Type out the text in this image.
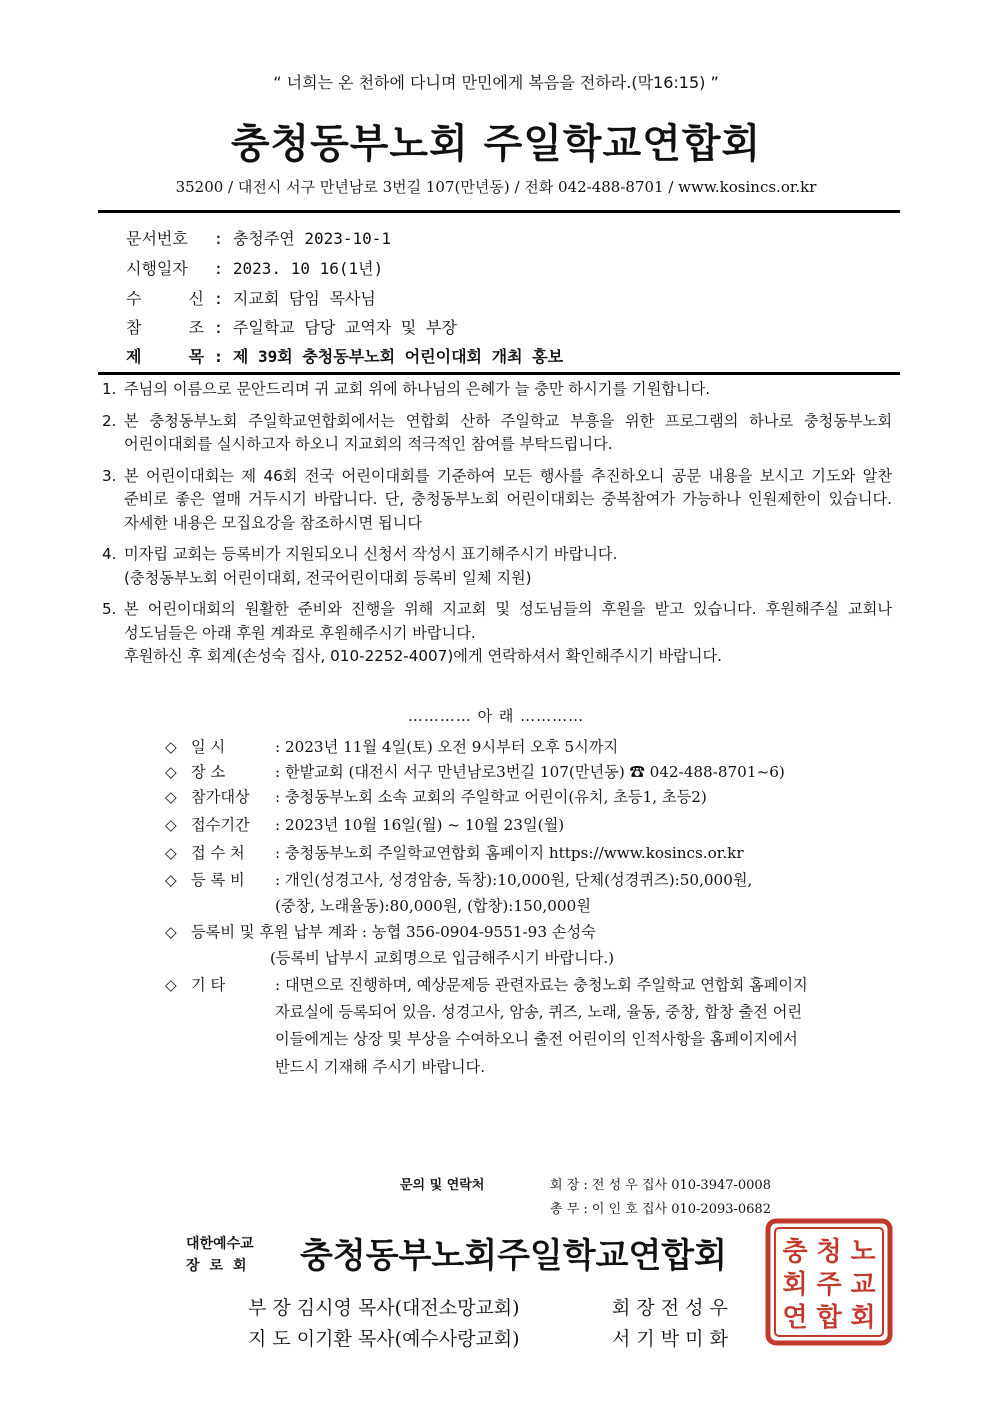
“ 너희는 온 천하에 다니며 만민에게 복음을 전하라.(막16:15) ”
충청동부노회 주일학교연합회
35200 / 대전시 서구 만년남로 3번길 107(만년동) / 전화 042-488-8701 / www.kosincs.or.kr
문서번호 : 충청주연 2023-10-1
시행일자 : 2023. 10 16(1년)
수 신 : 지교회 담임 목사님
참 조 : 주일학교 담당 교역자 및 부장
제 목 : 제 39회 충청동부노회 어린이대회 개최 홍보
1. 주님의 이름으로 문안드리며 귀 교회 위에 하나님의 은혜가 늘 충만 하시기를 기원합니다.
2. 본 충청동부노회 주일학교연합회에서는 연합회 산하 주일학교 부흥을 위한 프로그램의 하나로 충청동부노회 어린이대회를 실시하고자 하오니 지교회의 적극적인 참여를 부탁드립니다.
3. 본 어린이대회는 제 46회 전국 어린이대회를 기준하여 모든 행사를 추진하오니 공문 내용을 보시고 기도와 알찬 준비로 좋은 열매 거두시기 바랍니다. 단, 충청동부노회 어린이대회는 중복참여가 가능하나 인원제한이 있습니다. 자세한 내용은 모집요강을 참조하시면 됩니다
4. 미자립 교회는 등록비가 지원되오니 신청서 작성시 표기해주시기 바랍니다.
(충청동부노회 어린이대회, 전국어린이대회 등록비 일체 지원)
5. 본 어린이대회의 원활한 준비와 진행을 위해 지교회 및 성도님들의 후원을 받고 있습니다. 후원해주실 교회나 성도님들은 아래 후원 계좌로 후원해주시기 바랍니다.
후원하신 후 회계(손성숙 집사, 010-2252-4007)에게 연락하셔서 확인해주시기 바랍니다.
………… 아 래 …………
◇ 일 시	: 2023년 11월 4일(토) 오전 9시부터 오후 5시까지
◇ 장 소	: 한밭교회 (대전시 서구 만년남로3번길 107(만년동) ☎ 042-488-8701~6)
◇ 참가대상 : 충청동부노회 소속 교회의 주일학교 어린이(유치, 초등1, 초등2)
◇ 접수기간 : 2023년 10월 16일(월) ~ 10월 23일(월)
◇ 접 수 처 : 충청동부노회 주일학교연합회 홈페이지 https://www.kosincs.or.kr
◇ 등 록 비 : 개인(성경고사, 성경암송, 독창):10,000원, 단체(성경퀴즈):50,000원,
(중창, 노래율동):80,000원, (합창):150,000원
◇ 등록비 및 후원 납부 계좌 : 농협 356-0904-9551-93 손성숙
(등록비 납부시 교회명으로 입금해주시기 바랍니다.)
◇ 기 타	: 대면으로 진행하며, 예상문제등 관련자료는 충청노회 주일학교 연합회 홈페이지
자료실에 등록되어 있음. 성경고사, 암송, 퀴즈, 노래, 율동, 중창, 합창 출전 어린
이들에게는 상장 및 부상을 수여하오니 출전 어린이의 인적사항을 홈페이지에서
반드시 기재해 주시기 바랍니다.
문의 및 연락처	회 장 : 전 성 우 집사 010-3947-0008
총 무 : 이 인 호 집사 010-2093-0682
대한예수교
장로회 충청동부노회주일학교연합회
부 장 김시영 목사(대전소망교회)	회 장 전 성 우
지 도 이기환 목사(예수사랑교회)	서 기 박 미 화
충 청 노
회 주 교
연 합 회
